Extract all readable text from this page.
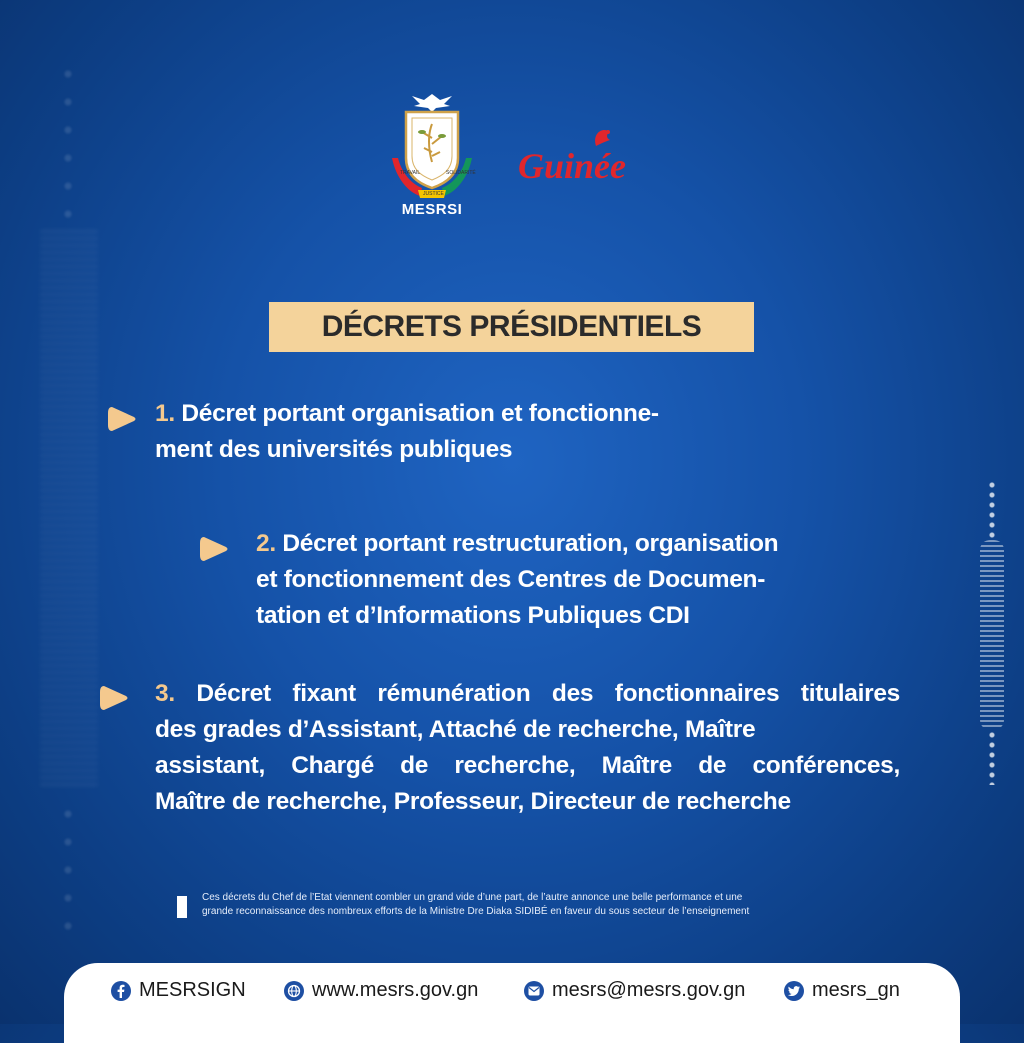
TRAVAIL
JUSTICE
SOLIDARITÉ
MESRSI
Guinée
DÉCRETS PRÉSIDENTIELS
1. Décret portant organisation et fonctionne-
ment des universités publiques
2. Décret portant restructuration, organisation
et fonctionnement des Centres de Documen-
tation et d’Informations Publiques CDI
3. Décret fixant rémunération des fonctionnaires titulaires
des grades d’Assistant, Attaché de recherche, Maître
assistant, Chargé de recherche, Maître de conférences,
Maître de recherche, Professeur, Directeur de recherche
Ces décrets du Chef de l’Etat viennent combler un grand vide d’une part, de l’autre annonce une belle performance et une
grande reconnaissance des nombreux efforts de la Ministre Dre Diaka SIDIBÉ en faveur du sous secteur de l’enseignement
MESRSIGN	www.mesrs.gov.gn	mesrs@mesrs.gov.gn	mesrs_gn
